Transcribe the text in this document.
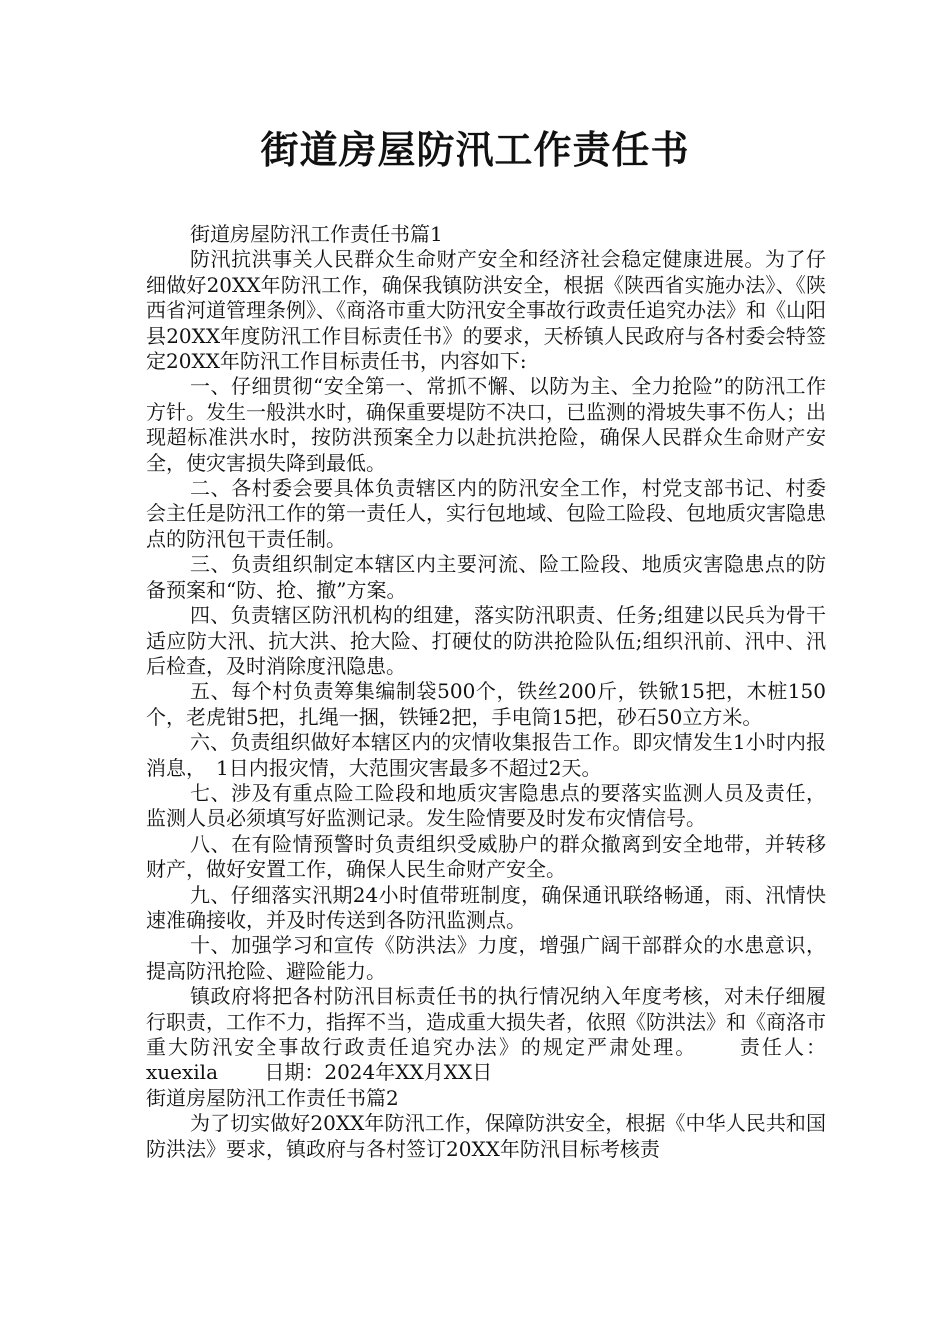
街道房屋防汛工作责任书

街道房屋防汛工作责任书篇1

防汛抗洪事关人民群众生命财产安全和经济社会稳定健康进展。为了仔细做好20XX年防汛工作，确保我镇防洪安全，根据《陕西省实施办法》、《陕西省河道管理条例》、《商洛市重大防汛安全事故行政责任追究办法》和《山阳县20XX年度防汛工作目标责任书》的要求，天桥镇人民政府与各村委会特签定20XX年防汛工作目标责任书，内容如下:

一、仔细贯彻“安全第一、常抓不懈、以防为主、全力抢险”的防汛工作方针。发生一般洪水时，确保重要堤防不决口，已监测的滑坡失事不伤人；出现超标准洪水时，按防洪预案全力以赴抗洪抢险，确保人民群众生命财产安全，使灾害损失降到最低。

二、各村委会要具体负责辖区内的防汛安全工作，村党支部书记、村委会主任是防汛工作的第一责任人，实行包地域、包险工险段、包地质灾害隐患点的防汛包干责任制。

三、负责组织制定本辖区内主要河流、险工险段、地质灾害隐患点的防备预案和“防、抢、撤”方案。

四、负责辖区防汛机构的组建，落实防汛职责、任务;组建以民兵为骨干适应防大汛、抗大洪、抢大险、打硬仗的防洪抢险队伍;组织汛前、汛中、汛后检查，及时消除度汛隐患。

五、每个村负责筹集编制袋500个，铁丝200斤，铁锨15把，木桩150个，老虎钳5把，扎绳一捆，铁锤2把，手电筒15把，砂石50立方米。

六、负责组织做好本辖区内的灾情收集报告工作。即灾情发生1小时内报消息，　1日内报灾情，大范围灾害最多不超过2天。

七、涉及有重点险工险段和地质灾害隐患点的要落实监测人员及责任，监测人员必须填写好监测记录。发生险情要及时发布灾情信号。

八、在有险情预警时负责组织受威胁户的群众撤离到安全地带，并转移财产，做好安置工作，确保人民生命财产安全。

九、仔细落实汛期24小时值带班制度，确保通讯联络畅通，雨、汛情快速准确接收，并及时传送到各防汛监测点。

十、加强学习和宣传《防洪法》力度，增强广阔干部群众的水患意识，提高防汛抢险、避险能力。

镇政府将把各村防汛目标责任书的执行情况纳入年度考核，对未仔细履行职责，工作不力，指挥不当，造成重大损失者，依照《防洪法》和《商洛市重大防汛安全事故行政责任追究办法》的规定严肃处理。　　 责任人：xuexila　　 日期：2024年XX月XX日

街道房屋防汛工作责任书篇2

为了切实做好20XX年防汛工作，保障防洪安全，根据《中华人民共和国防洪法》要求，镇政府与各村签订20XX年防汛目标考核责
